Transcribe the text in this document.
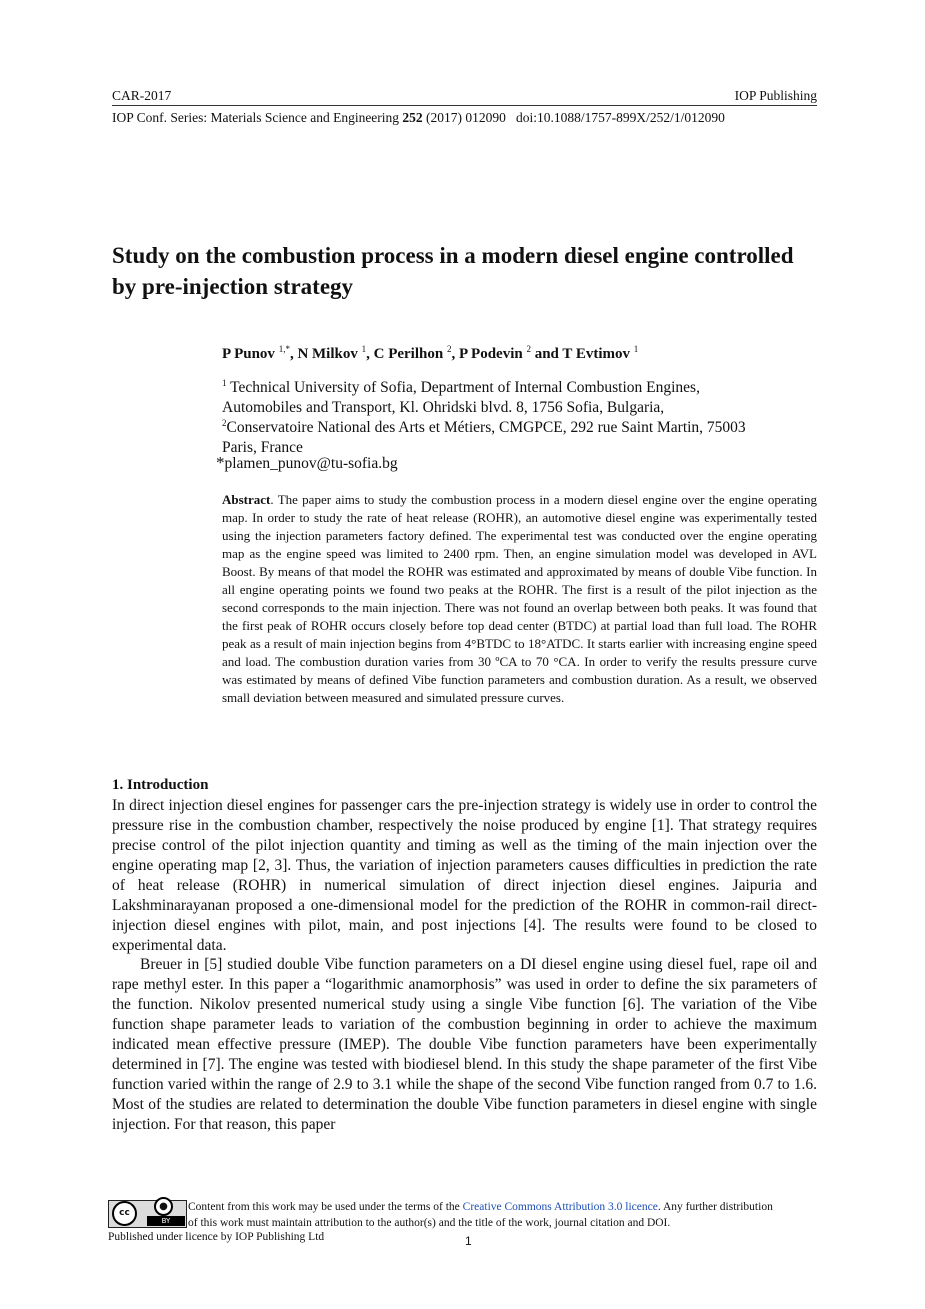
CAR-2017	IOP Publishing
IOP Conf. Series: Materials Science and Engineering 252 (2017) 012090 doi:10.1088/1757-899X/252/1/012090
Study on the combustion process in a modern diesel engine controlled by pre-injection strategy
P Punov $^{1,*}$, N Milkov $^1$, C Perilhon $^2$, P Podevin $^2$ and T Evtimov $^1$
$^1$ Technical University of Sofia, Department of Internal Combustion Engines,
Automobiles and Transport, Kl. Ohridski blvd. 8, 1756 Sofia, Bulgaria,
$^2$Conservatoire National des Arts et Métiers, CMGPCE, 292 rue Saint Martin, 75003
Paris, France
*plamen_punov@tu-sofia.bg
Abstract. The paper aims to study the combustion process in a modern diesel engine over the engine operating map. In order to study the rate of heat release (ROHR), an automotive diesel engine was experimentally tested using the injection parameters factory defined. The experimental test was conducted over the engine operating map as the engine speed was limited to 2400 rpm. Then, an engine simulation model was developed in AVL Boost. By means of that model the ROHR was estimated and approximated by means of double Vibe function. In all engine operating points we found two peaks at the ROHR. The first is a result of the pilot injection as the second corresponds to the main injection. There was not found an overlap between both peaks. It was found that the first peak of ROHR occurs closely before top dead center (BTDC) at partial load than full load. The ROHR peak as a result of main injection begins from 4°BTDC to 18°ATDC. It starts earlier with increasing engine speed and load. The combustion duration varies from 30 ºCA to 70 °CA. In order to verify the results pressure curve was estimated by means of defined Vibe function parameters and combustion duration. As a result, we observed small deviation between measured and simulated pressure curves.
1. Introduction
In direct injection diesel engines for passenger cars the pre-injection strategy is widely use in order to control the pressure rise in the combustion chamber, respectively the noise produced by engine [1]. That strategy requires precise control of the pilot injection quantity and timing as well as the timing of the main injection over the engine operating map [2, 3]. Thus, the variation of injection parameters causes difficulties in prediction the rate of heat release (ROHR) in numerical simulation of direct injection diesel engines. Jaipuria and Lakshminarayanan proposed a one-dimensional model for the prediction of the ROHR in common-rail direct-injection diesel engines with pilot, main, and post injections [4]. The results were found to be closed to experimental data.
Breuer in [5] studied double Vibe function parameters on a DI diesel engine using diesel fuel, rape oil and rape methyl ester. In this paper a “logarithmic anamorphosis” was used in order to define the six parameters of the function. Nikolov presented numerical study using a single Vibe function [6]. The variation of the Vibe function shape parameter leads to variation of the combustion beginning in order to achieve the maximum indicated mean effective pressure (IMEP). The double Vibe function parameters have been experimentally determined in [7]. The engine was tested with biodiesel blend. In this study the shape parameter of the first Vibe function varied within the range of 2.9 to 3.1 while the shape of the second Vibe function ranged from 0.7 to 1.6. Most of the studies are related to determination the double Vibe function parameters in diesel engine with single injection. For that reason, this paper
cc
●
BY
Content from this work may be used under the terms of the Creative Commons Attribution 3.0 licence. Any further distribution
of this work must maintain attribution to the author(s) and the title of the work, journal citation and DOI.
Published under licence by IOP Publishing Ltd	1
